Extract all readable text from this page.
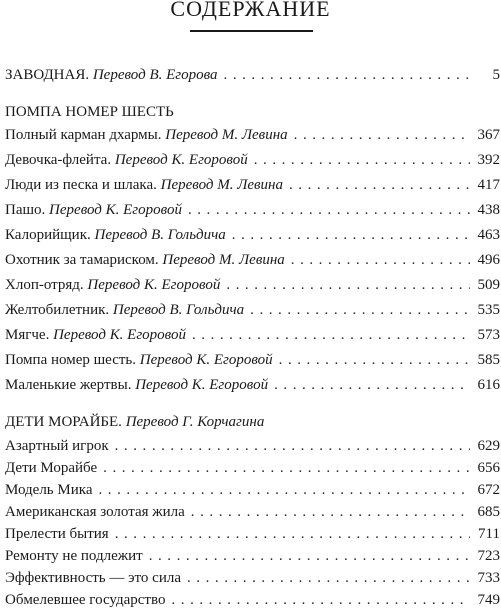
СОДЕРЖАНИЕ
ЗАВОДНАЯ. Перевод В. Егорова . . .	5
ПОМПА НОМЕР ШЕСТЬ
Полный карман дхармы. Перевод М. Левина . . .	367
Девочка-флейта. Перевод К. Егоровой . . .	392
Люди из песка и шлака. Перевод М. Левина . . .	417
Пашо. Перевод К. Егоровой . . .	438
Калорийщик. Перевод В. Гольдича . . .	463
Охотник за тамариском. Перевод М. Левина . . .	496
Хлоп-отряд. Перевод К. Егоровой . . .	509
Желтобилетник. Перевод В. Гольдича . . .	535
Мягче. Перевод К. Егоровой . . .	573
Помпа номер шесть. Перевод К. Егоровой . . .	585
Маленькие жертвы. Перевод К. Егоровой . . .	616
ДЕТИ МОРАЙБЕ. Перевод Г. Корчагина
Азартный игрок . . .	629
Дети Морайбе . . .	656
Модель Мика . . .	672
Американская золотая жила . . .	685
Прелести бытия . . .	711
Ремонту не подлежит . . .	723
Эффективность — это сила . . .	733
Обмелевшее государство . . .	749
